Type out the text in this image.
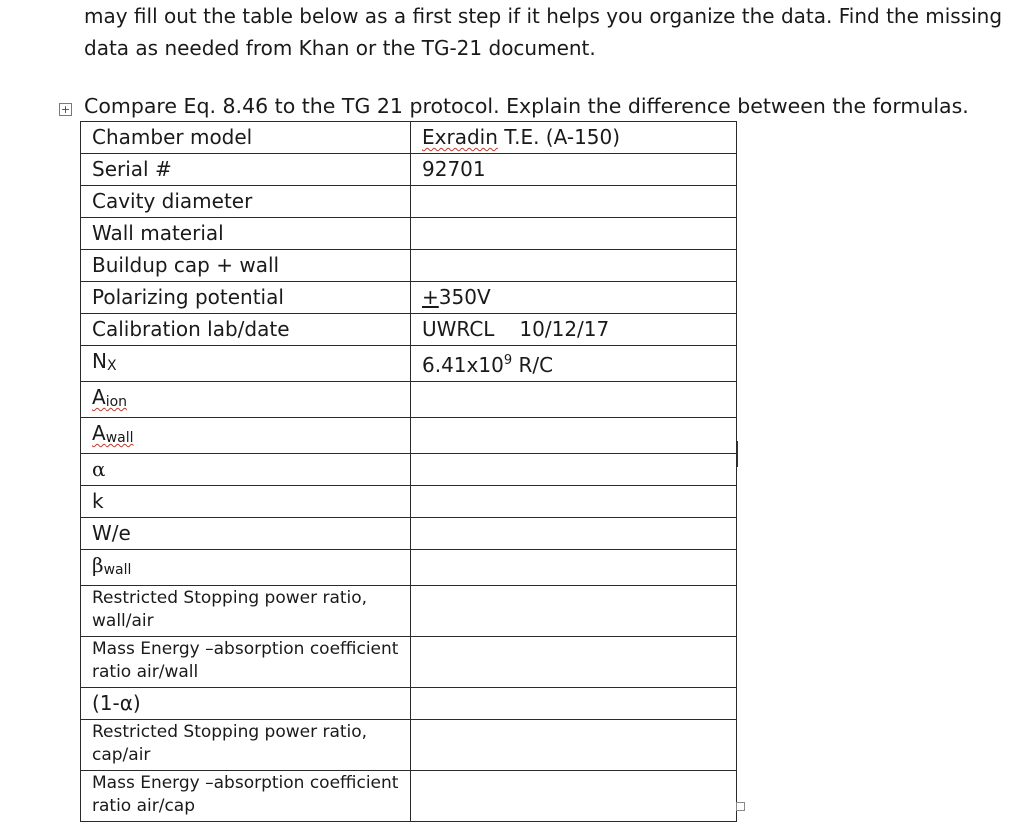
may fill out the table below as a first step if it helps you organize the data. Find the missing
data as needed from Khan or the TG-21 document.

+ Compare Eq. 8.46 to the TG 21 protocol. Explain the difference between the formulas.

Chamber model	Exradin T.E. (A-150)
Serial #	92701
Cavity diameter	
Wall material	
Buildup cap + wall	
Polarizing potential	+350V
Calibration lab/date	UWRCL 10/12/17
NX	$6.41x10^9$ R/C
Aion	
Awall	
α	
k	
W/e	
βwall	
Restricted Stopping power ratio, wall/air	
Mass Energy –absorption coefficient ratio air/wall	
(1-α)	
Restricted Stopping power ratio, cap/air	
Mass Energy –absorption coefficient ratio air/cap	
